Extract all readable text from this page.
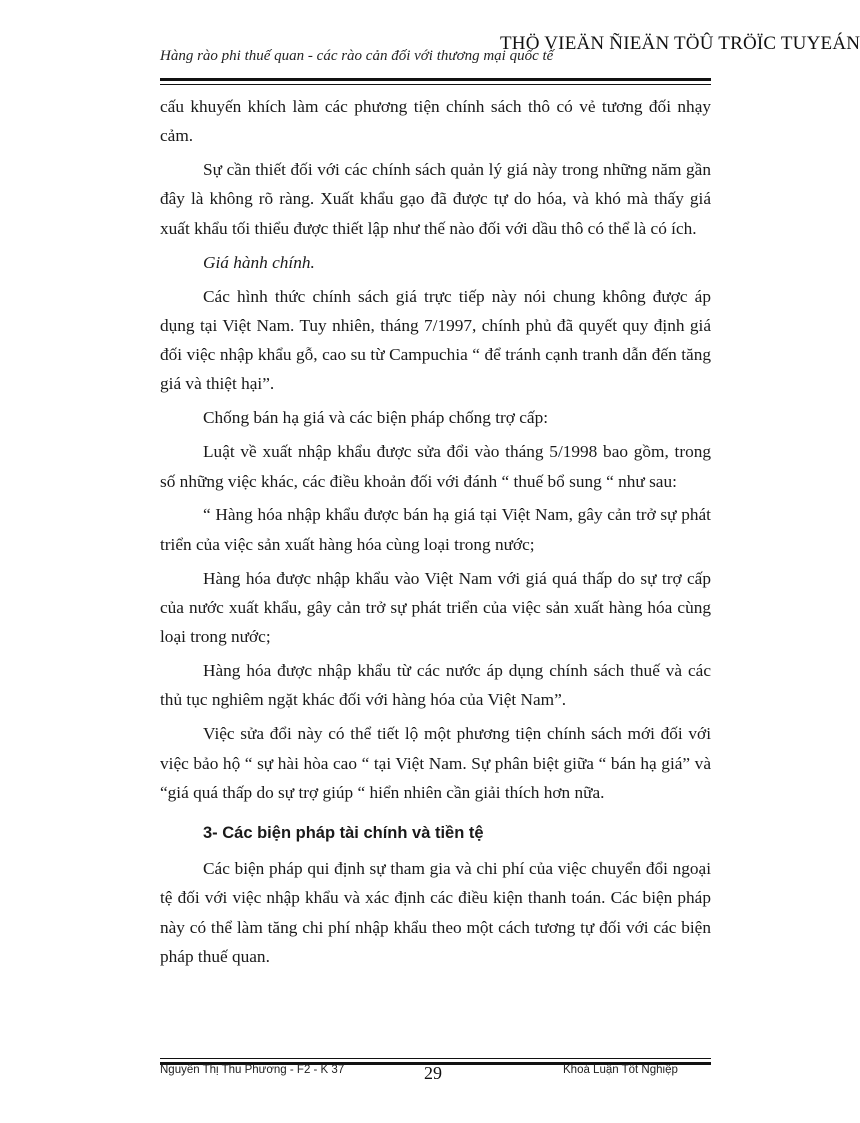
Hàng rào phi thuế quan - các rào cản đối với thương mại quốc tế
THÖ VIEÄN ÑIEÄN TÖÛ TRÖÏC TUYEÁN

cấu khuyến khích làm các phương tiện chính sách thô có vẻ tương đối nhạy cảm.

Sự cần thiết đối với các chính sách quản lý giá này trong những năm gần đây là không rõ ràng. Xuất khẩu gạo đã được tự do hóa, và khó mà thấy giá xuất khẩu tối thiểu được thiết lập như thế nào đối với dầu thô có thể là có ích.

Giá hành chính.

Các hình thức chính sách giá trực tiếp này nói chung không được áp dụng tại Việt Nam. Tuy nhiên, tháng 7/1997, chính phủ đã quyết quy định giá đối việc nhập khẩu gỗ, cao su từ Campuchia “ để tránh cạnh tranh dẫn đến tăng giá và thiệt hại”.

Chống bán hạ giá và các biện pháp chống trợ cấp:

Luật về xuất nhập khẩu được sửa đổi vào tháng 5/1998 bao gồm, trong số những việc khác, các điều khoản đối với đánh “ thuế bổ sung “ như sau:

“ Hàng hóa nhập khẩu được bán hạ giá tại Việt Nam, gây cản trở sự phát triển của việc sản xuất hàng hóa cùng loại trong nước;

Hàng hóa được nhập khẩu vào Việt Nam với giá quá thấp do sự trợ cấp của nước xuất khẩu, gây cản trở sự phát triển của việc sản xuất hàng hóa cùng loại trong nước;

Hàng hóa được nhập khẩu từ các nước áp dụng chính sách thuế và các thủ tục nghiêm ngặt khác đối với hàng hóa của Việt Nam”.

Việc sửa đổi này có thể tiết lộ một phương tiện chính sách mới đối với việc bảo hộ “ sự hài hòa cao “ tại Việt Nam. Sự phân biệt giữa “ bán hạ giá” và “giá quá thấp do sự trợ giúp “ hiển nhiên cần giải thích hơn nữa.

3- Các biện pháp tài chính và tiền tệ

Các biện pháp qui định sự tham gia và chi phí của việc chuyển đổi ngoại tệ đối với việc nhập khẩu và xác định các điều kiện thanh toán. Các biện pháp này có thể làm tăng chi phí nhập khẩu theo một cách tương tự đối với các biện pháp thuế quan.

Nguyễn Thị Thu Phương - F2 - K 37	29	Khoá Luận Tốt Nghiệp
